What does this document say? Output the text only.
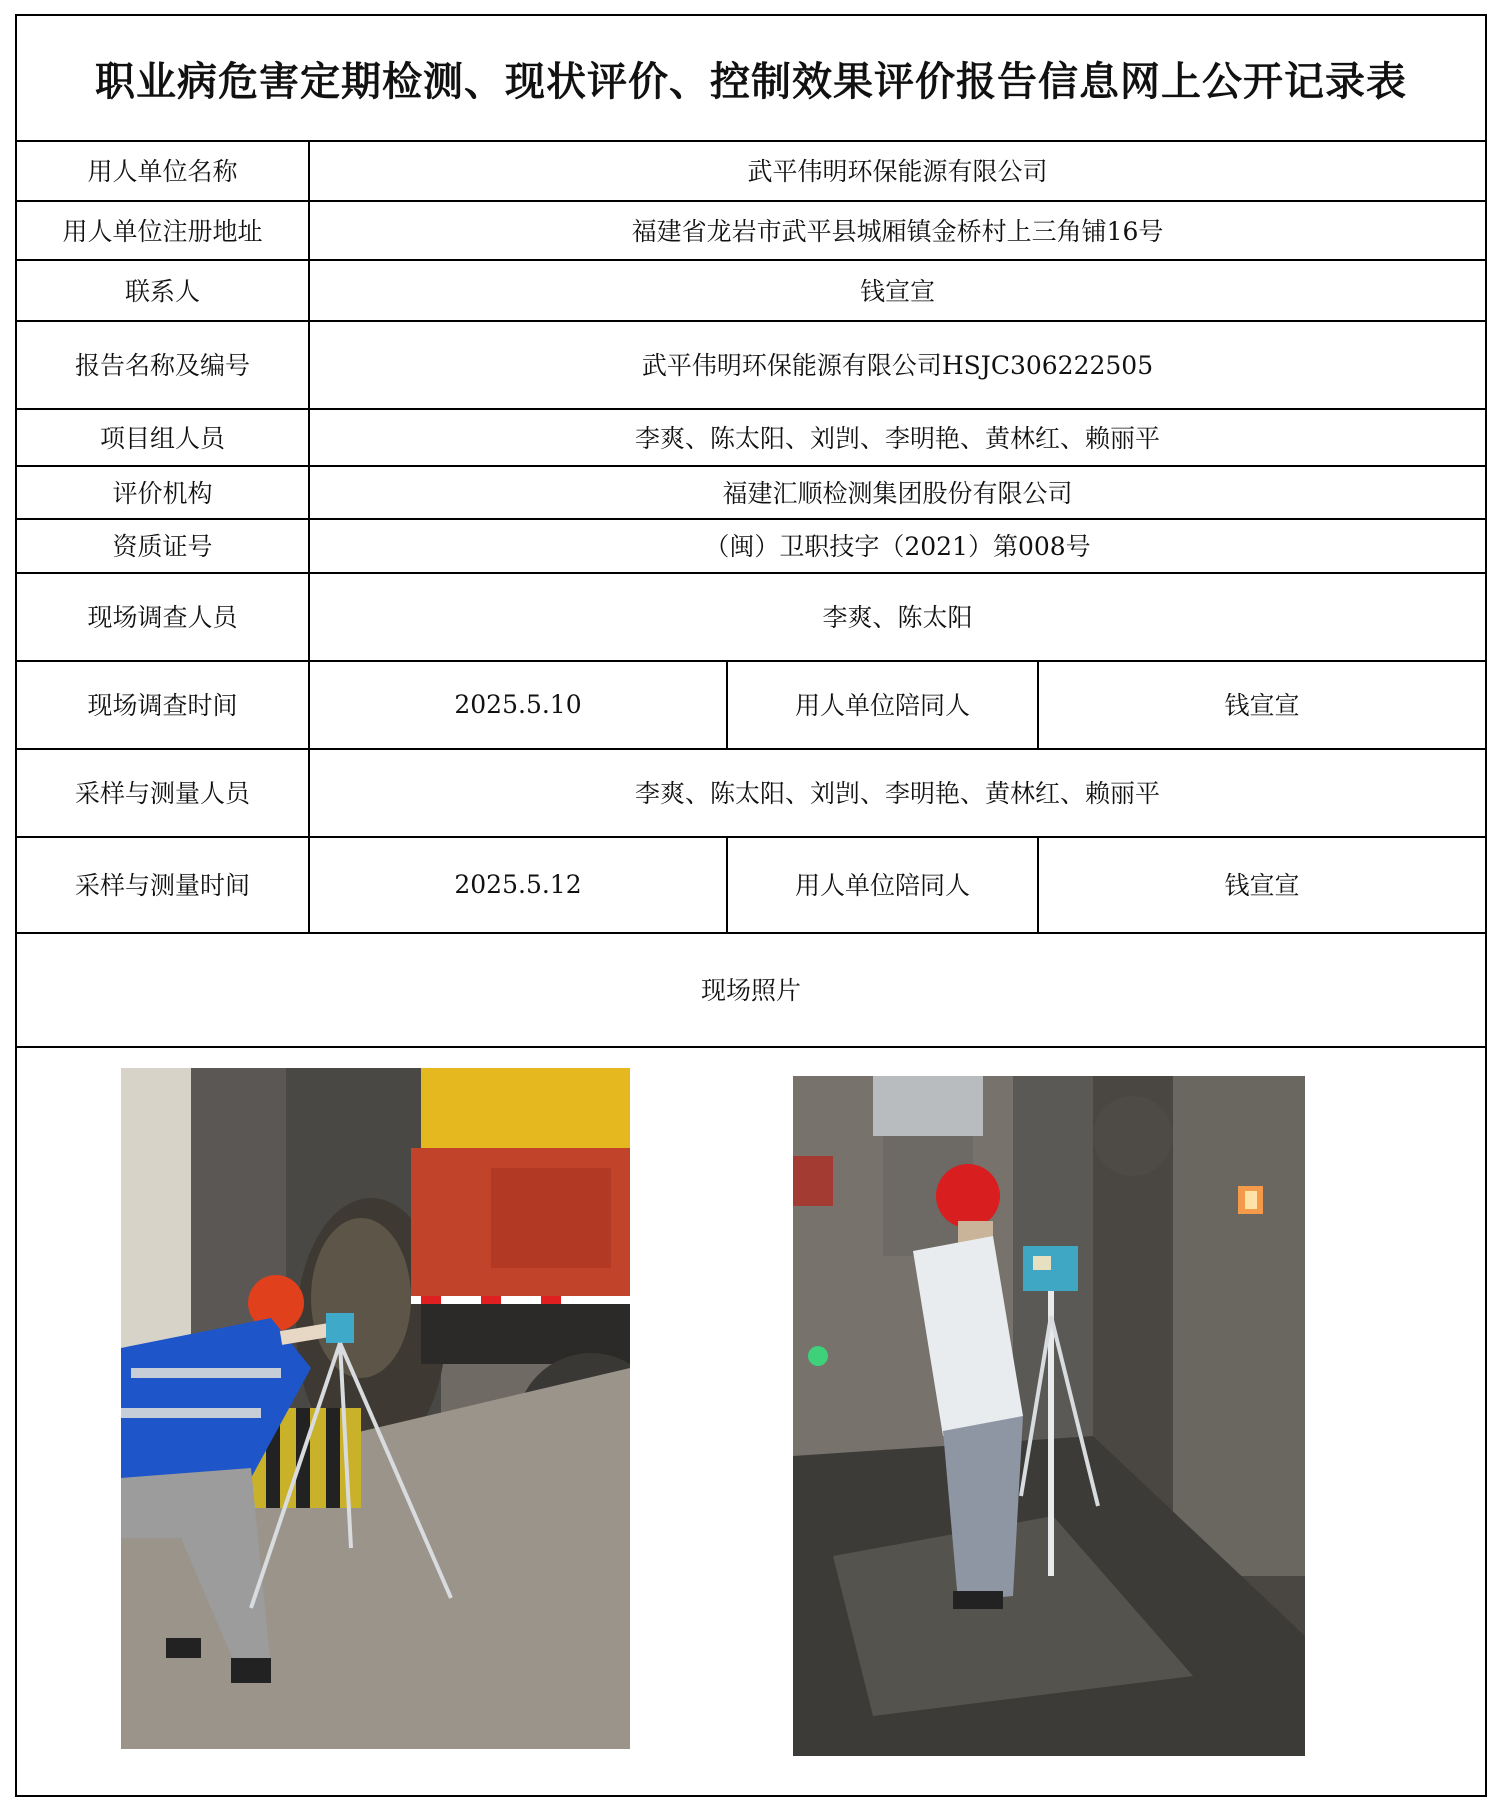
职业病危害定期检测、现状评价、控制效果评价报告信息网上公开记录表
用人单位名称	武平伟明环保能源有限公司
用人单位注册地址	福建省龙岩市武平县城厢镇金桥村上三角铺16号
联系人	钱宣宣
报告名称及编号	武平伟明环保能源有限公司HSJC306222505
项目组人员	李爽、陈太阳、刘剀、李明艳、黄林红、赖丽平
评价机构	福建汇顺检测集团股份有限公司
资质证号	（闽）卫职技字（2021）第008号
现场调查人员	李爽、陈太阳
现场调查时间	2025.5.10	用人单位陪同人	钱宣宣
采样与测量人员	李爽、陈太阳、刘剀、李明艳、黄林红、赖丽平
采样与测量时间	2025.5.12	用人单位陪同人	钱宣宣
现场照片
